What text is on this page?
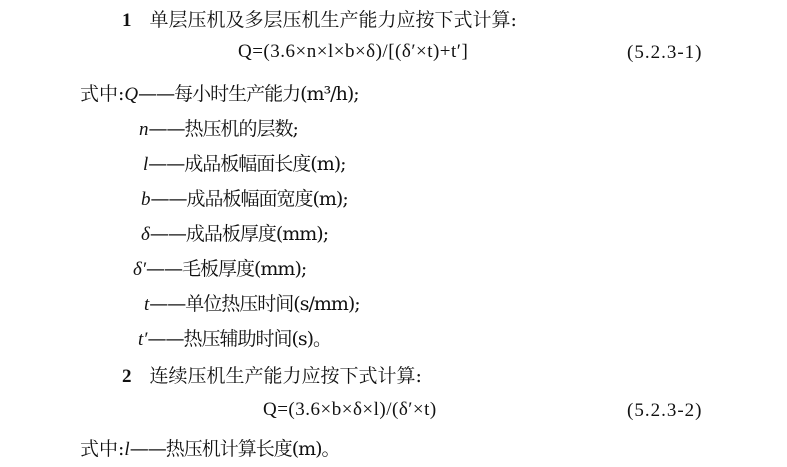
1 单层压机及多层压机生产能力应按下式计算:
Q=(3.6×n×l×b×δ)/[(δ′×t)+t′]	(5.2.3-1)
式中:Q——每小时生产能力(m³/h);
n——热压机的层数;
l——成品板幅面长度(m);
b——成品板幅面宽度(m);
δ——成品板厚度(mm);
δ′——毛板厚度(mm);
t——单位热压时间(s/mm);
t′——热压辅助时间(s)。
2 连续压机生产能力应按下式计算:
Q=(3.6×b×δ×l)/(δ′×t)	(5.2.3-2)
式中:l——热压机计算长度(m)。
